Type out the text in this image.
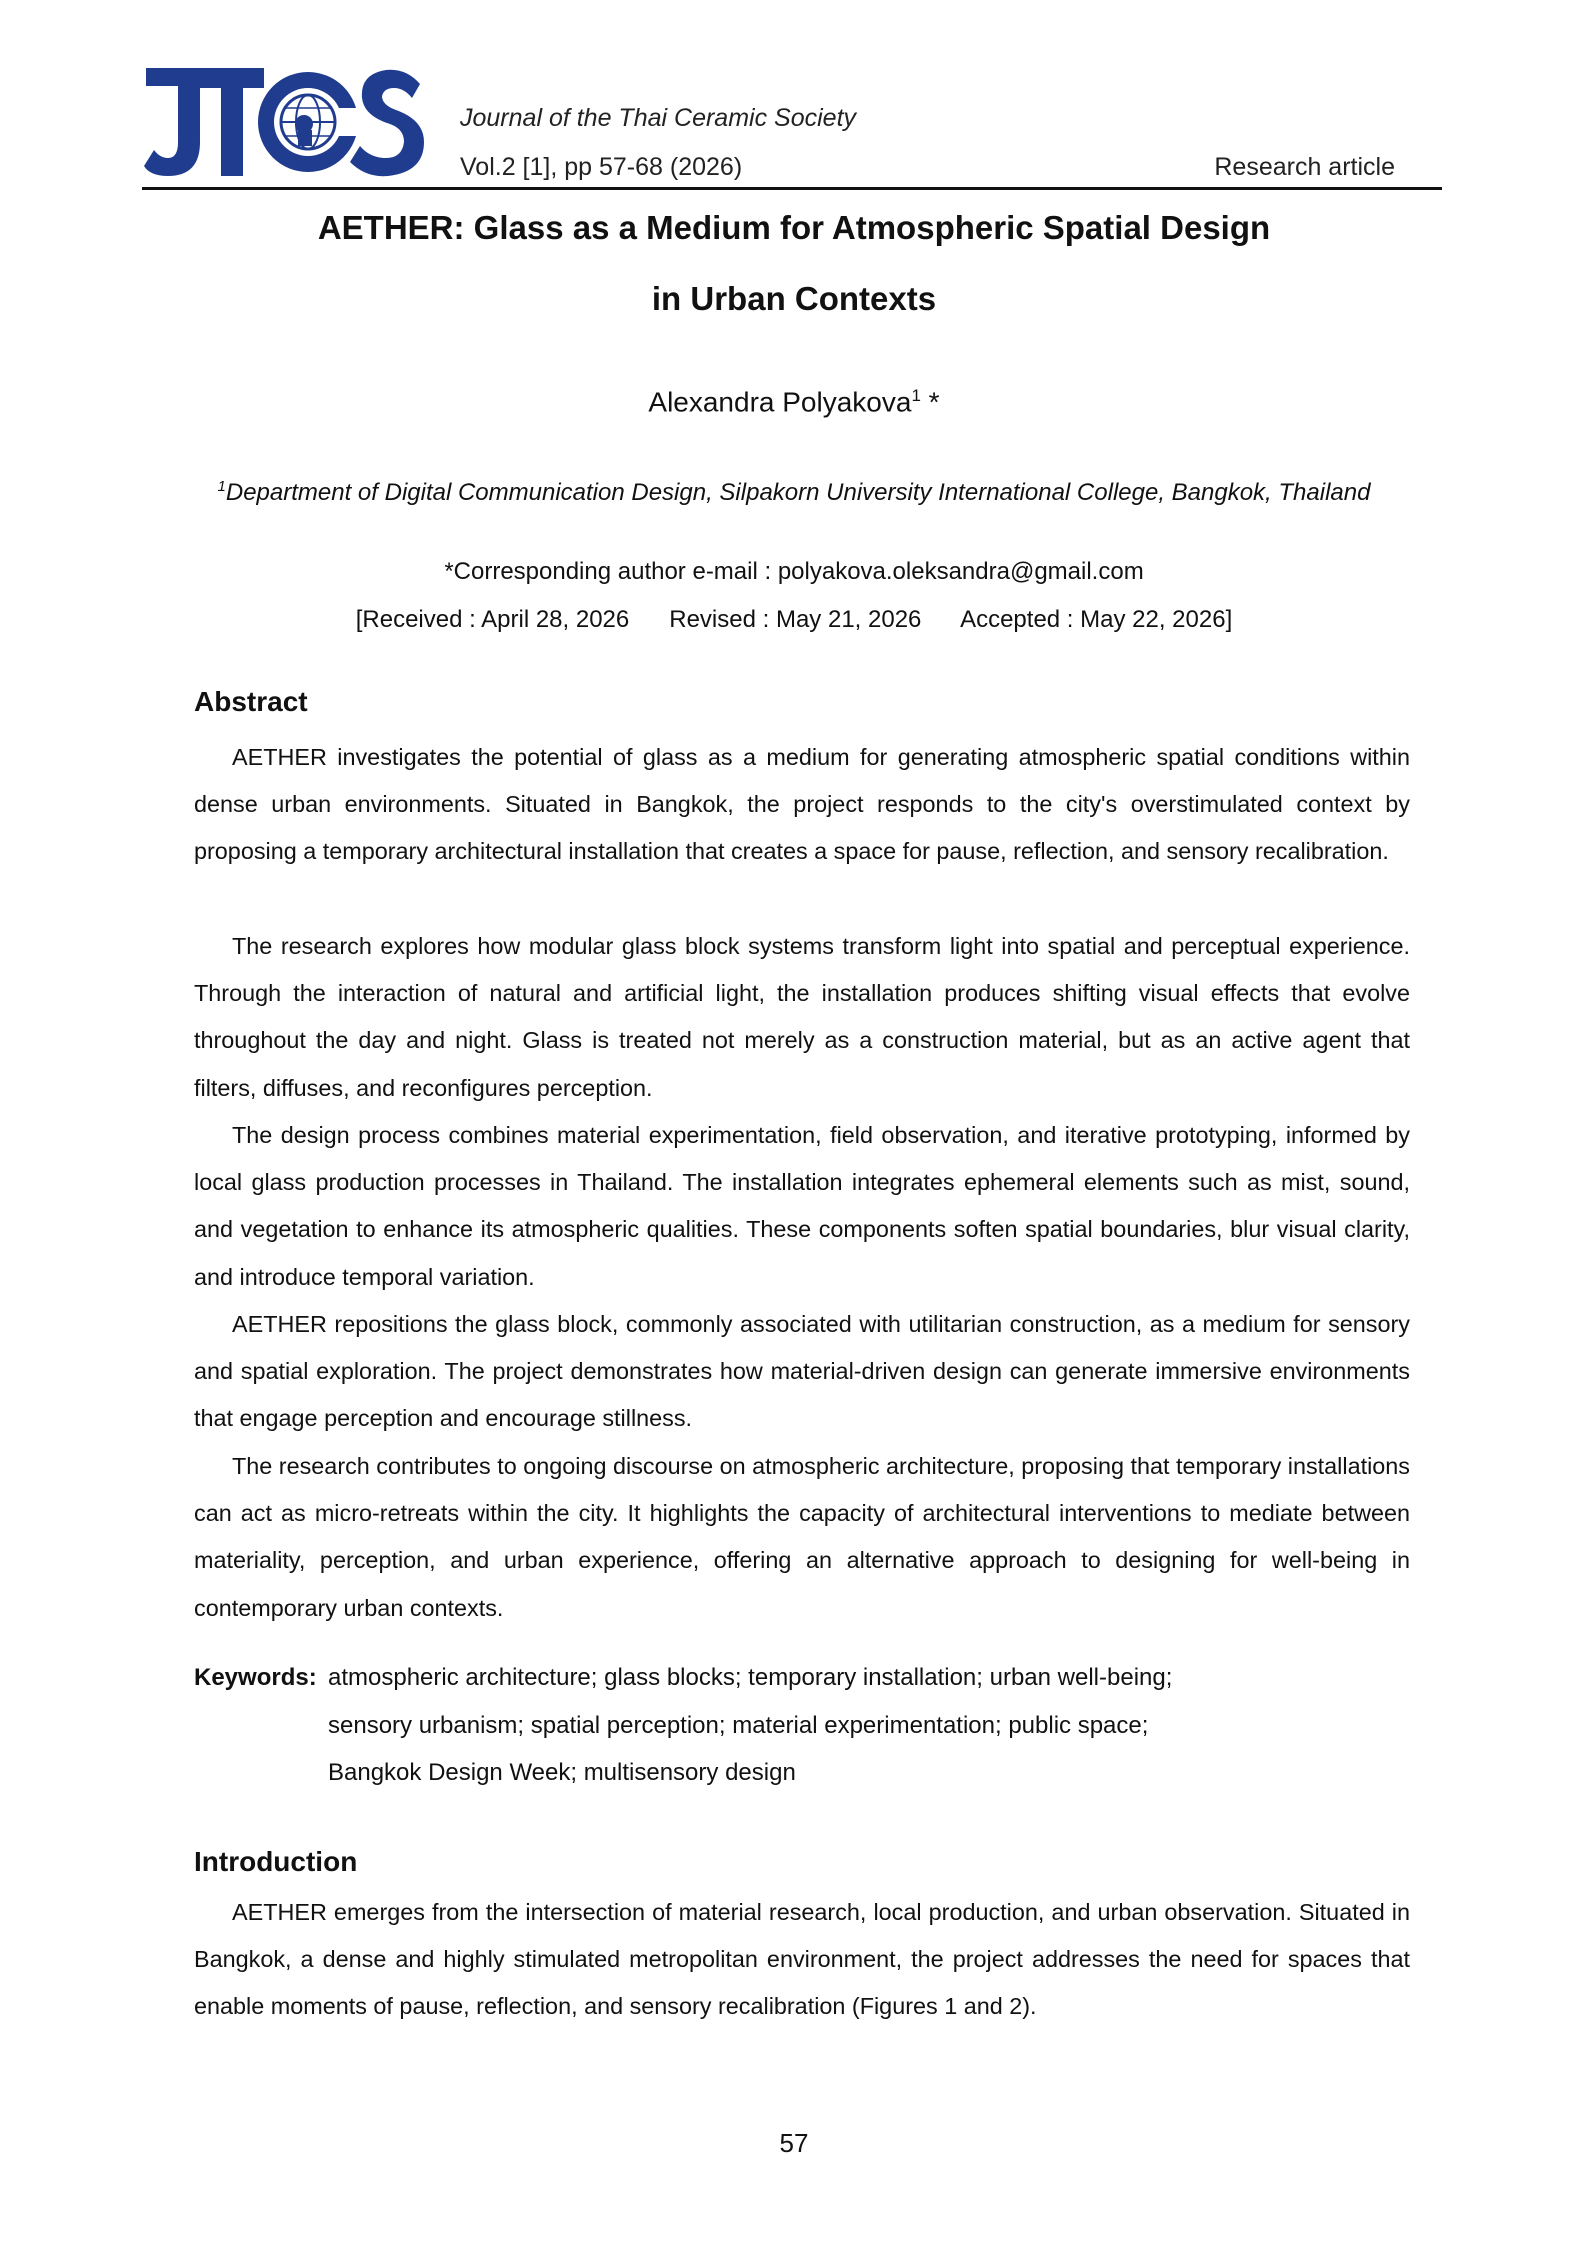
Journal of the Thai Ceramic Society
Vol.2 [1], pp 57-68 (2026)	Research article
AETHER: Glass as a Medium for Atmospheric Spatial Design
in Urban Contexts
Alexandra Polyakova$^1$ *
$^1$Department of Digital Communication Design, Silpakorn University International College, Bangkok, Thailand
*Corresponding author e-mail : polyakova.oleksandra@gmail.com
[Received : April 28, 2026      Revised : May 21, 2026      Accepted : May 22, 2026]
Abstract

AETHER investigates the potential of glass as a medium for generating atmospheric spatial conditions within dense urban environments. Situated in Bangkok, the project responds to the city's overstimulated context by proposing a temporary architectural installation that creates a space for pause, reflection, and sensory recalibration.

The research explores how modular glass block systems transform light into spatial and perceptual experience. Through the interaction of natural and artificial light, the installation produces shifting visual effects that evolve throughout the day and night. Glass is treated not merely as a construction material, but as an active agent that filters, diffuses, and reconfigures perception.

The design process combines material experimentation, field observation, and iterative prototyping, informed by local glass production processes in Thailand. The installation integrates ephemeral elements such as mist, sound, and vegetation to enhance its atmospheric qualities. These components soften spatial boundaries, blur visual clarity, and introduce temporal variation.

AETHER repositions the glass block, commonly associated with utilitarian construction, as a medium for sensory and spatial exploration. The project demonstrates how material-driven design can generate immersive environments that engage perception and encourage stillness.

The research contributes to ongoing discourse on atmospheric architecture, proposing that temporary installations can act as micro-retreats within the city. It highlights the capacity of architectural interventions to mediate between materiality, perception, and urban experience, offering an alternative approach to designing for well-being in contemporary urban contexts.

Keywords: atmospheric architecture; glass blocks; temporary installation; urban well-being;
sensory urbanism; spatial perception; material experimentation; public space;
Bangkok Design Week; multisensory design
Introduction

AETHER emerges from the intersection of material research, local production, and urban observation. Situated in Bangkok, a dense and highly stimulated metropolitan environment, the project addresses the need for spaces that enable moments of pause, reflection, and sensory recalibration (Figures 1 and 2).

57
